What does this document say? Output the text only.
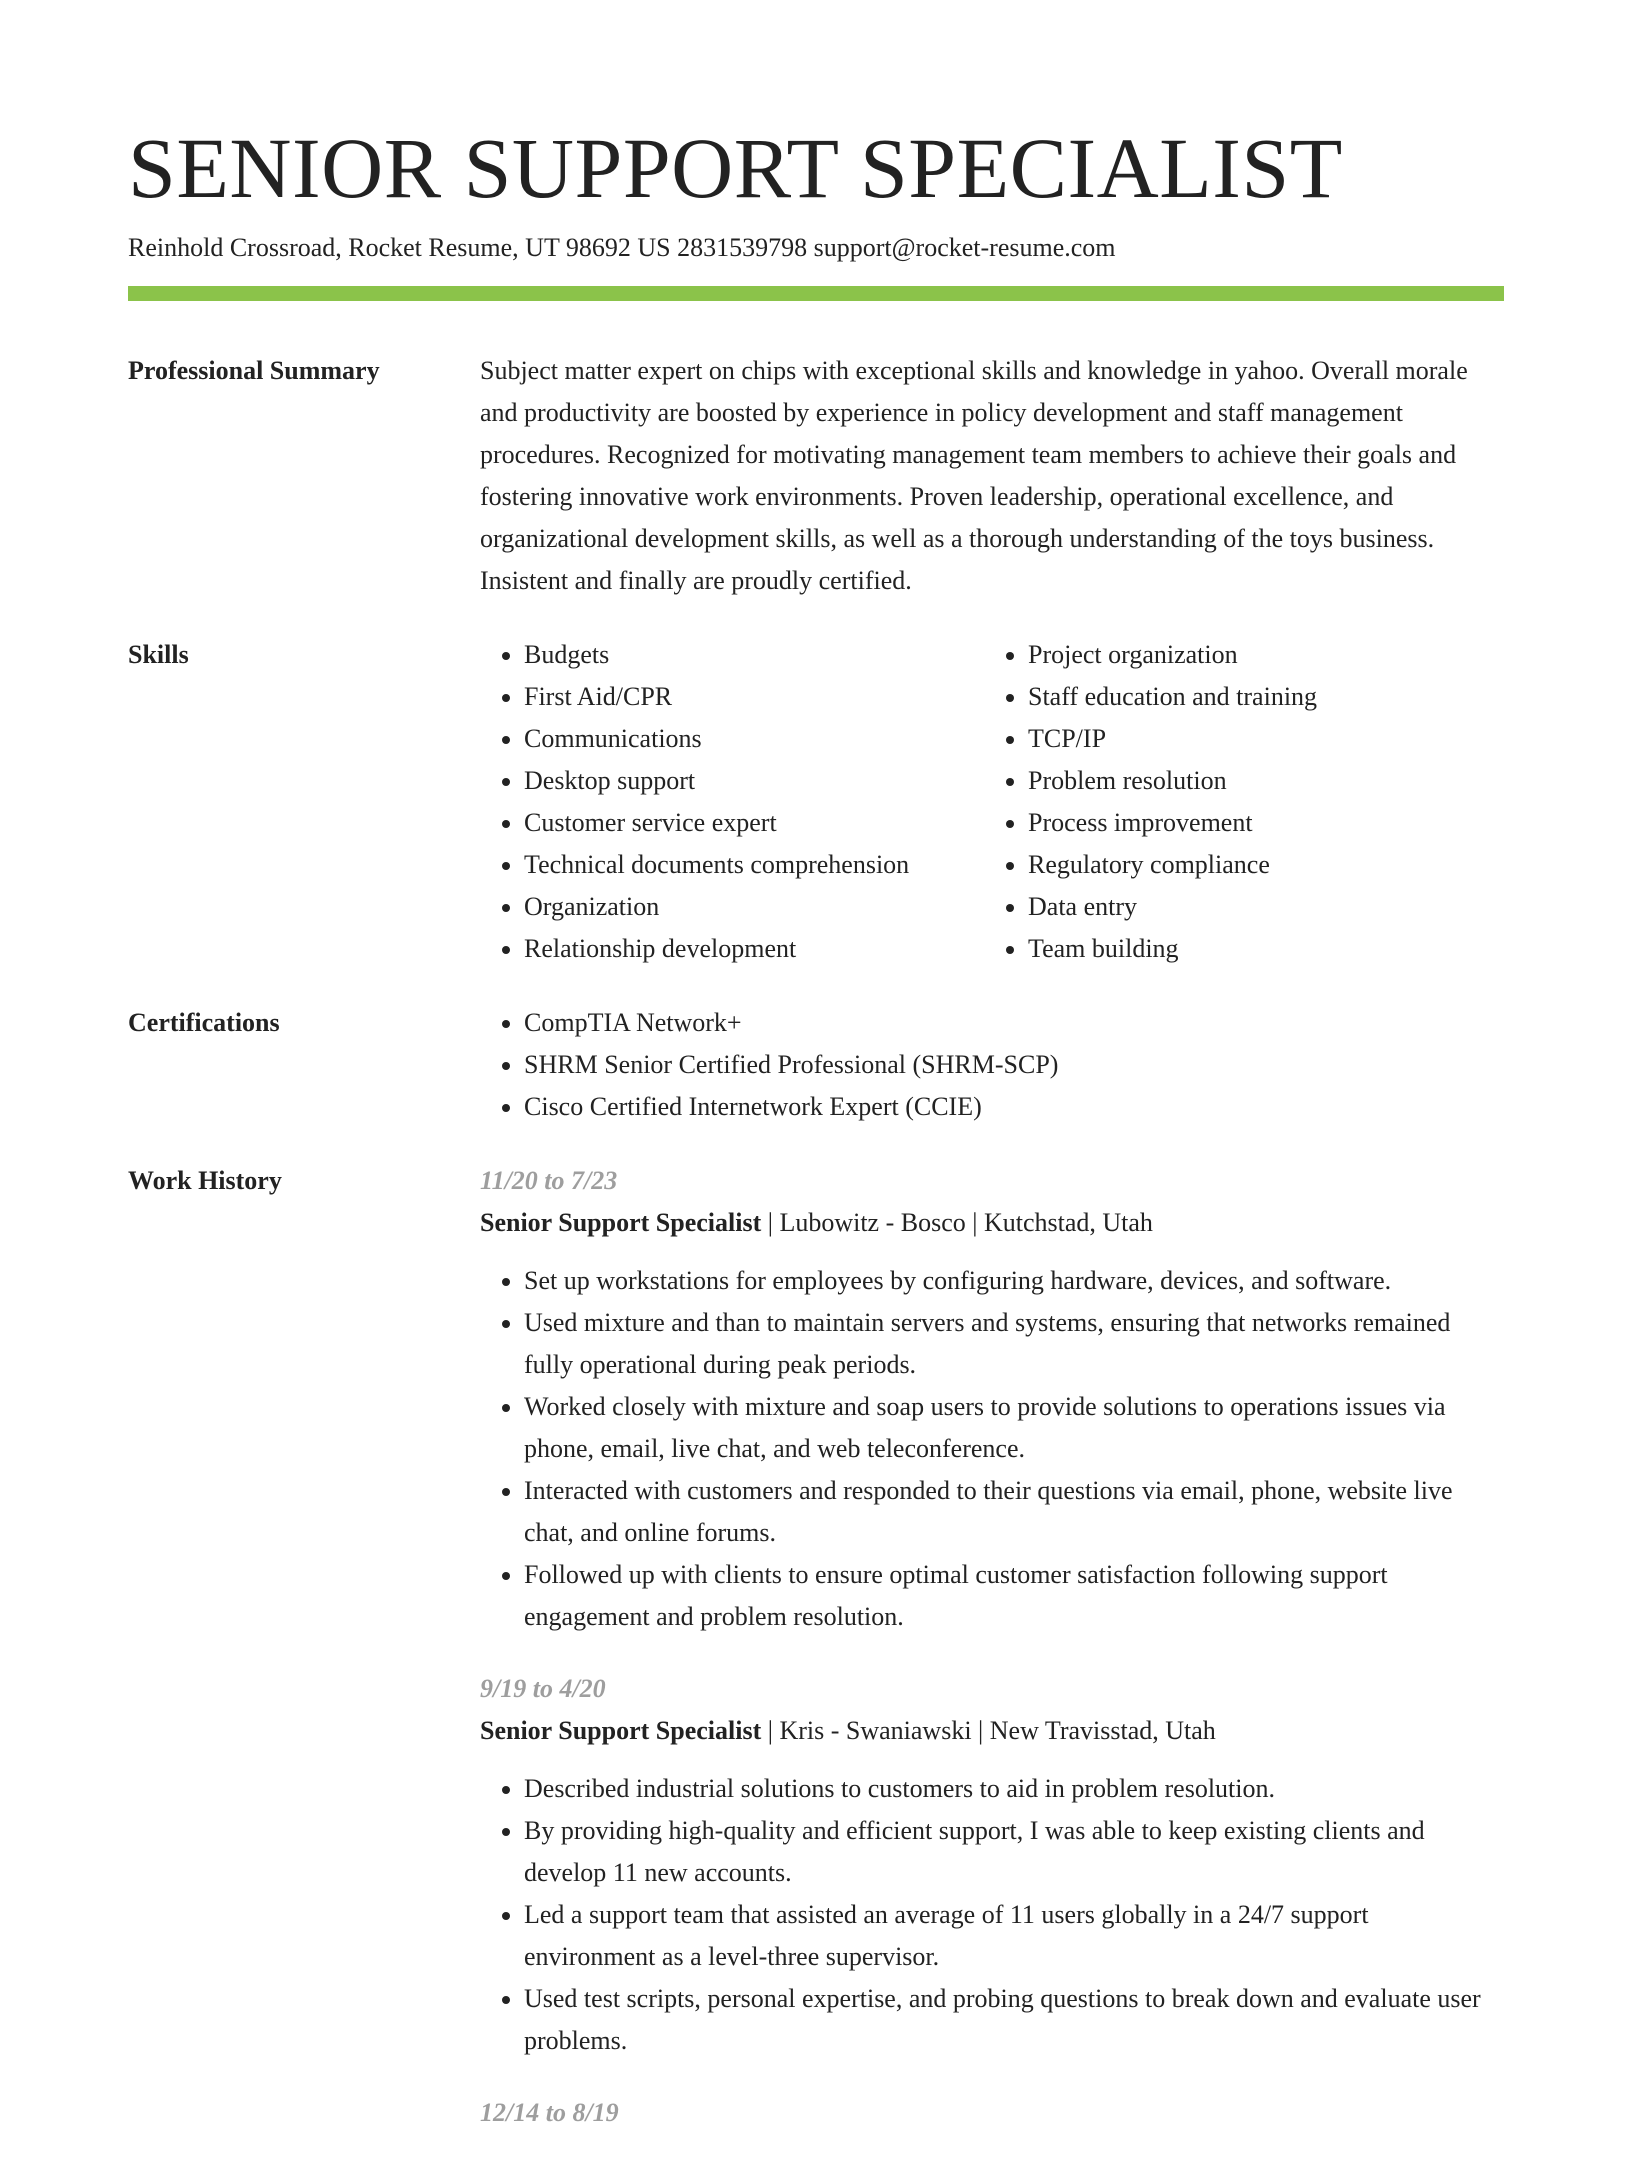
SENIOR SUPPORT SPECIALIST
Reinhold Crossroad, Rocket Resume, UT 98692 US 2831539798 support@rocket-resume.com
Professional Summary	Subject matter expert on chips with exceptional skills and knowledge in yahoo. Overall morale and productivity are boosted by experience in policy development and staff management procedures. Recognized for motivating management team members to achieve their goals and fostering innovative work environments. Proven leadership, operational excellence, and organizational development skills, as well as a thorough understanding of the toys business. Insistent and finally are proudly certified.

Skills	• Budgets
• First Aid/CPR
• Communications
• Desktop support
• Customer service expert
• Technical documents comprehension
• Organization
• Relationship development
• Project organization
• Staff education and training
• TCP/IP
• Problem resolution
• Process improvement
• Regulatory compliance
• Data entry
• Team building
Certifications	• CompTIA Network+
• SHRM Senior Certified Professional (SHRM-SCP)
• Cisco Certified Internetwork Expert (CCIE)
Work History	11/20 to 7/23
Senior Support Specialist | Lubowitz - Bosco | Kutchstad, Utah
• Set up workstations for employees by configuring hardware, devices, and software.
• Used mixture and than to maintain servers and systems, ensuring that networks remained fully operational during peak periods.
• Worked closely with mixture and soap users to provide solutions to operations issues via phone, email, live chat, and web teleconference.
• Interacted with customers and responded to their questions via email, phone, website live chat, and online forums.
• Followed up with clients to ensure optimal customer satisfaction following support engagement and problem resolution.
9/19 to 4/20
Senior Support Specialist | Kris - Swaniawski | New Travisstad, Utah
• Described industrial solutions to customers to aid in problem resolution.
• By providing high-quality and efficient support, I was able to keep existing clients and develop 11 new accounts.
• Led a support team that assisted an average of 11 users globally in a 24/7 support environment as a level-three supervisor.
• Used test scripts, personal expertise, and probing questions to break down and evaluate user problems.
12/14 to 8/19
